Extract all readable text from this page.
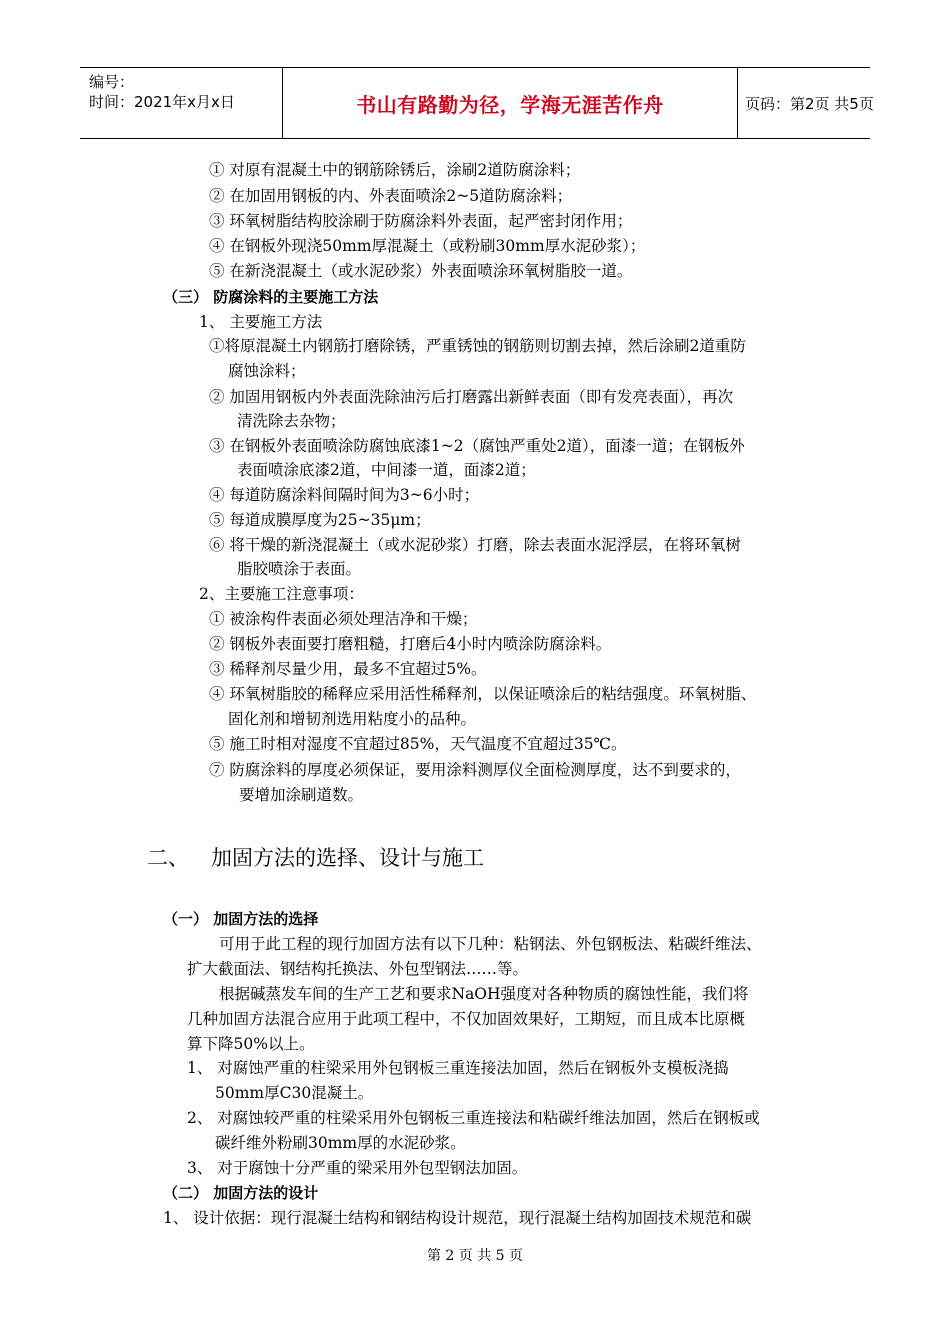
编号：
时间：2021年x月x日	书山有路勤为径，学海无涯苦作舟	页码：第2页 共5页
① 对原有混凝土中的钢筋除锈后，涂刷2道防腐涂料；
② 在加固用钢板的内、外表面喷涂2~5道防腐涂料；
③ 环氧树脂结构胶涂刷于防腐涂料外表面，起严密封闭作用；
④ 在钢板外现浇50mm厚混凝土（或粉刷30mm厚水泥砂浆）；
⑤ 在新浇混凝土（或水泥砂浆）外表面喷涂环氧树脂胶一道。
（三） 防腐涂料的主要施工方法
1、 主要施工方法
①将原混凝土内钢筋打磨除锈，严重锈蚀的钢筋则切割去掉，然后涂刷2道重防
腐蚀涂料；
② 加固用钢板内外表面洗除油污后打磨露出新鲜表面（即有发亮表面），再次
清洗除去杂物；
③ 在钢板外表面喷涂防腐蚀底漆1~2（腐蚀严重处2道），面漆一道；在钢板外
表面喷涂底漆2道，中间漆一道，面漆2道；
④ 每道防腐涂料间隔时间为3~6小时；
⑤ 每道成膜厚度为25~35μm；
⑥ 将干燥的新浇混凝土（或水泥砂浆）打磨，除去表面水泥浮层，在将环氧树
脂胶喷涂于表面。
2、主要施工注意事项：
① 被涂构件表面必须处理洁净和干燥；
② 钢板外表面要打磨粗糙，打磨后4小时内喷涂防腐涂料。
③ 稀释剂尽量少用，最多不宜超过5%。
④ 环氧树脂胶的稀释应采用活性稀释剂，以保证喷涂后的粘结强度。环氧树脂、
固化剂和增韧剂选用粘度小的品种。
⑤ 施工时相对湿度不宜超过85%，天气温度不宜超过35℃。
⑦ 防腐涂料的厚度必须保证，要用涂料测厚仪全面检测厚度，达不到要求的，
要增加涂刷道数。
二、 加固方法的选择、设计与施工
（一） 加固方法的选择
可用于此工程的现行加固方法有以下几种：粘钢法、外包钢板法、粘碳纤维法、
扩大截面法、钢结构托换法、外包型钢法……等。
根据碱蒸发车间的生产工艺和要求NaOH强度对各种物质的腐蚀性能，我们将
几种加固方法混合应用于此项工程中，不仅加固效果好，工期短，而且成本比原概
算下降50%以上。
1、 对腐蚀严重的柱梁采用外包钢板三重连接法加固，然后在钢板外支模板浇捣
50mm厚C30混凝土。
2、 对腐蚀较严重的柱梁采用外包钢板三重连接法和粘碳纤维法加固，然后在钢板或
碳纤维外粉刷30mm厚的水泥砂浆。
3、 对于腐蚀十分严重的梁采用外包型钢法加固。
（二） 加固方法的设计
1、 设计依据：现行混凝土结构和钢结构设计规范，现行混凝土结构加固技术规范和碳
第 2 页 共 5 页
